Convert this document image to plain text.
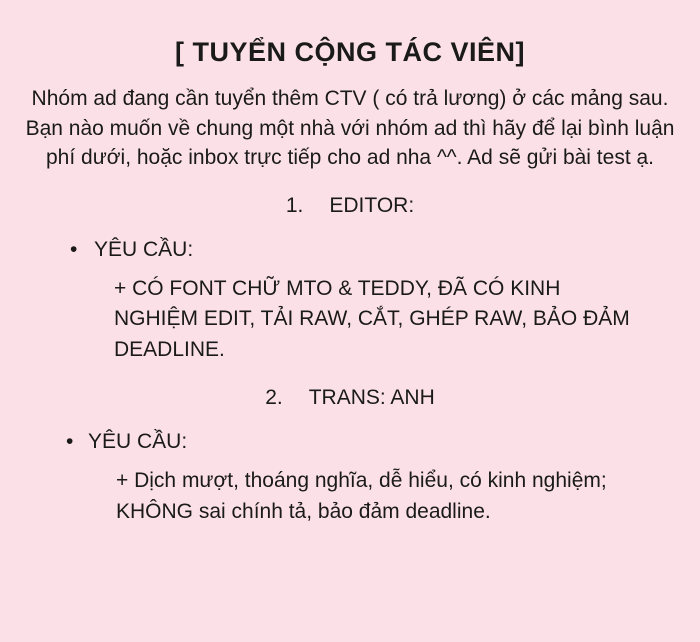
[ TUYỂN CỘNG TÁC VIÊN]

Nhóm ad đang cần tuyển thêm CTV ( có trả lương) ở các mảng sau. Bạn nào muốn về chung một nhà với nhóm ad thì hãy để lại bình luận phí dưới, hoặc inbox trực tiếp cho ad nha ^^. Ad sẽ gửi bài test ạ.

1. EDITOR:

• YÊU CẦU:

+ CÓ FONT CHỮ MTO & TEDDY, ĐÃ CÓ KINH NGHIỆM EDIT, TẢI RAW, CẮT, GHÉP RAW, BẢO ĐẢM DEADLINE.

2. TRANS: ANH

• YÊU CẦU:

+ Dịch mượt, thoáng nghĩa, dễ hiểu, có kinh nghiệm; KHÔNG sai chính tả, bảo đảm deadline.
